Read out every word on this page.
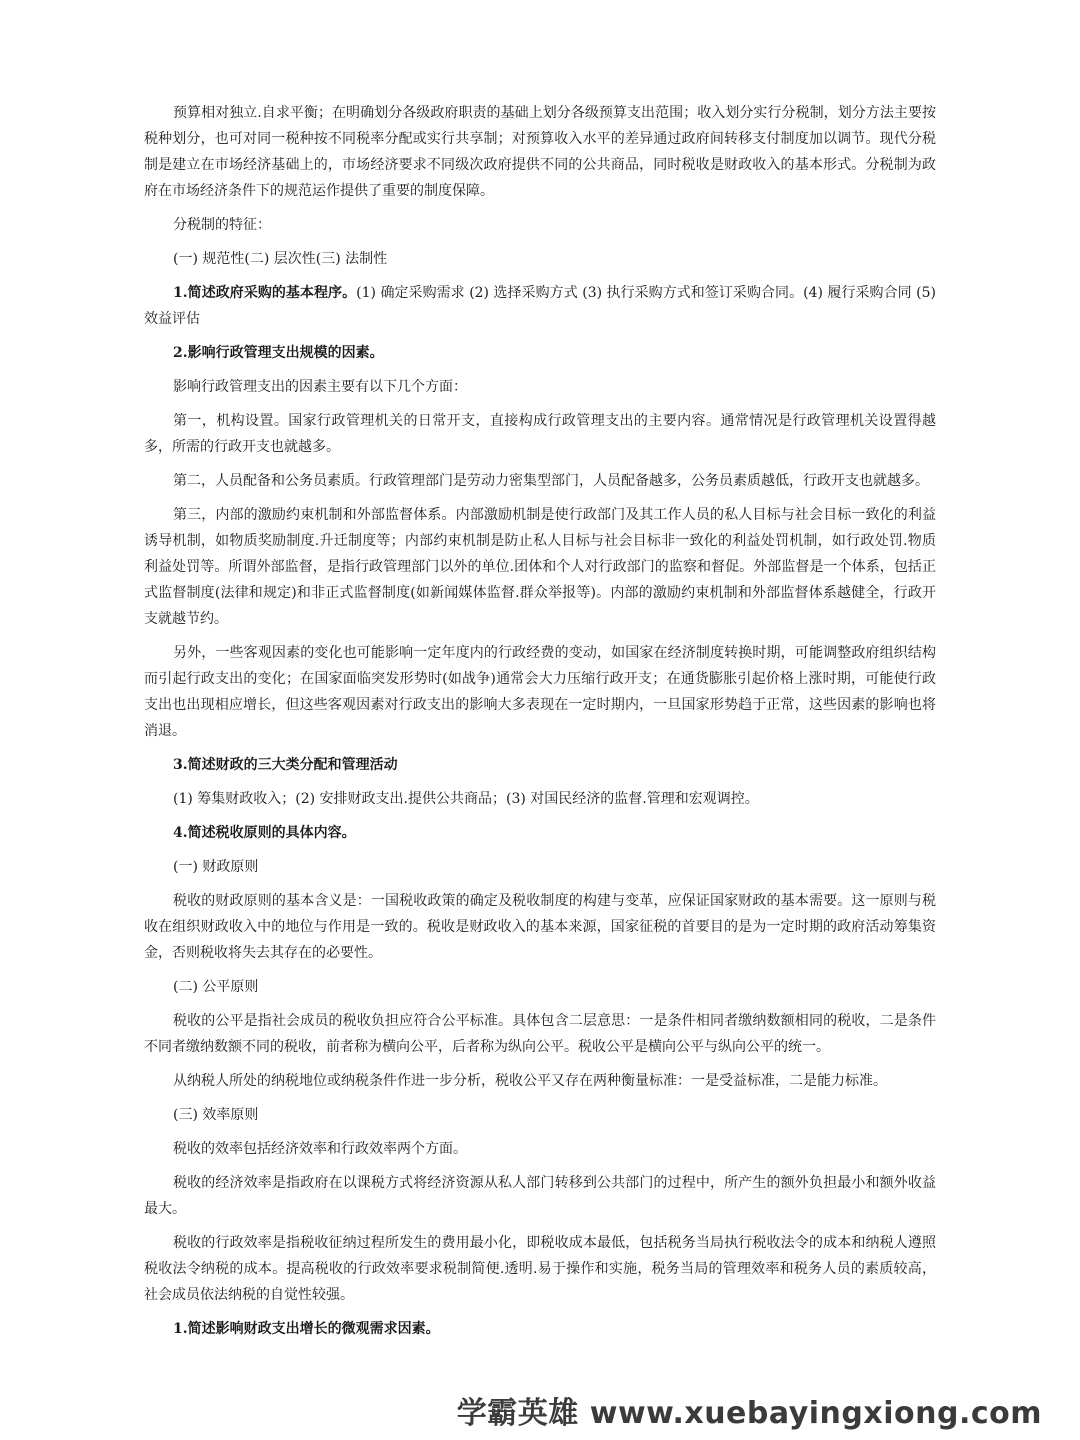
预算相对独立.自求平衡；在明确划分各级政府职责的基础上划分各级预算支出范围；收入划分实行分税制，划分方法主要按税种划分，也可对同一税种按不同税率分配或实行共享制；对预算收入水平的差异通过政府间转移支付制度加以调节。现代分税制是建立在市场经济基础上的，市场经济要求不同级次政府提供不同的公共商品，同时税收是财政收入的基本形式。分税制为政府在市场经济条件下的规范运作提供了重要的制度保障。

分税制的特征：

(一) 规范性(二) 层次性(三) 法制性

1.简述政府采购的基本程序。(1) 确定采购需求 (2) 选择采购方式 (3) 执行采购方式和签订采购合同。(4) 履行采购合同 (5) 效益评估

2.影响行政管理支出规模的因素。

影响行政管理支出的因素主要有以下几个方面：

第一，机构设置。国家行政管理机关的日常开支，直接构成行政管理支出的主要内容。通常情况是行政管理机关设置得越多，所需的行政开支也就越多。

第二，人员配备和公务员素质。行政管理部门是劳动力密集型部门，人员配备越多，公务员素质越低，行政开支也就越多。

第三，内部的激励约束机制和外部监督体系。内部激励机制是使行政部门及其工作人员的私人目标与社会目标一致化的利益诱导机制，如物质奖励制度.升迁制度等；内部约束机制是防止私人目标与社会目标非一致化的利益处罚机制，如行政处罚.物质利益处罚等。所谓外部监督，是指行政管理部门以外的单位.团体和个人对行政部门的监察和督促。外部监督是一个体系，包括正式监督制度(法律和规定)和非正式监督制度(如新闻媒体监督.群众举报等)。内部的激励约束机制和外部监督体系越健全，行政开支就越节约。

另外，一些客观因素的变化也可能影响一定年度内的行政经费的变动，如国家在经济制度转换时期，可能调整政府组织结构而引起行政支出的变化；在国家面临突发形势时(如战争)通常会大力压缩行政开支；在通货膨胀引起价格上涨时期，可能使行政支出也出现相应增长，但这些客观因素对行政支出的影响大多表现在一定时期内，一旦国家形势趋于正常，这些因素的影响也将消退。

3.简述财政的三大类分配和管理活动

(1) 筹集财政收入；(2) 安排财政支出.提供公共商品；(3) 对国民经济的监督.管理和宏观调控。

4.简述税收原则的具体内容。

(一) 财政原则

税收的财政原则的基本含义是：一国税收政策的确定及税收制度的构建与变革，应保证国家财政的基本需要。这一原则与税收在组织财政收入中的地位与作用是一致的。税收是财政收入的基本来源，国家征税的首要目的是为一定时期的政府活动筹集资金，否则税收将失去其存在的必要性。

(二) 公平原则

税收的公平是指社会成员的税收负担应符合公平标准。具体包含二层意思：一是条件相同者缴纳数额相同的税收，二是条件不同者缴纳数额不同的税收，前者称为横向公平，后者称为纵向公平。税收公平是横向公平与纵向公平的统一。

从纳税人所处的纳税地位或纳税条件作进一步分析，税收公平又存在两种衡量标准：一是受益标准，二是能力标准。

(三) 效率原则

税收的效率包括经济效率和行政效率两个方面。

税收的经济效率是指政府在以课税方式将经济资源从私人部门转移到公共部门的过程中，所产生的额外负担最小和额外收益最大。

税收的行政效率是指税收征纳过程所发生的费用最小化，即税收成本最低，包括税务当局执行税收法令的成本和纳税人遵照税收法令纳税的成本。提高税收的行政效率要求税制简便.透明.易于操作和实施，税务当局的管理效率和税务人员的素质较高，社会成员依法纳税的自觉性较强。

1.简述影响财政支出增长的微观需求因素。

学霸英雄 www.xuebayingxiong.com
